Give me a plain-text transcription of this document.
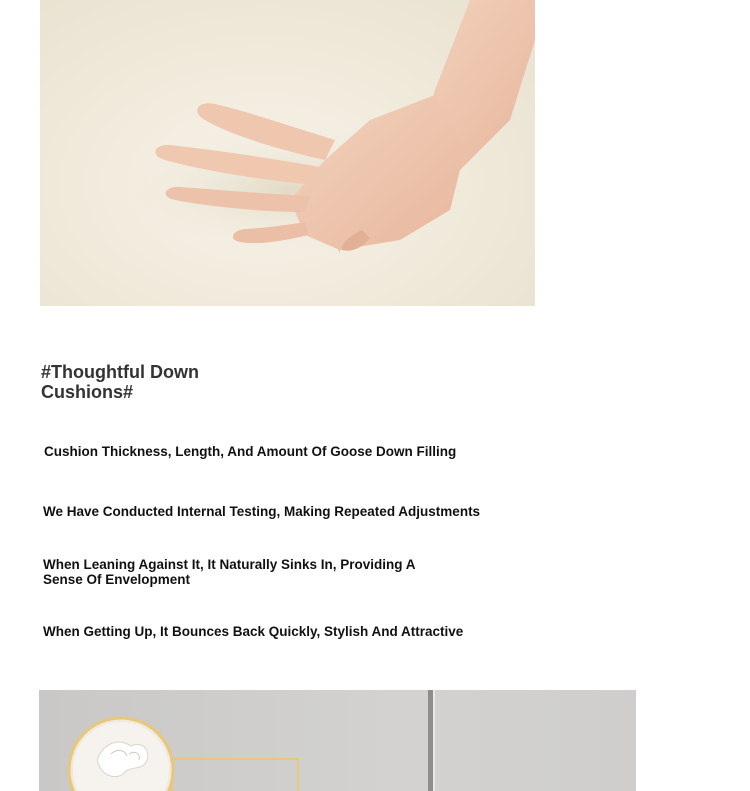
#Thoughtful Down
Cushions#

Cushion Thickness, Length, And Amount Of Goose Down Filling

We Have Conducted Internal Testing, Making Repeated Adjustments

When Leaning Against It, It Naturally Sinks In, Providing A Sense Of Envelopment

When Getting Up, It Bounces Back Quickly, Stylish And Attractive
